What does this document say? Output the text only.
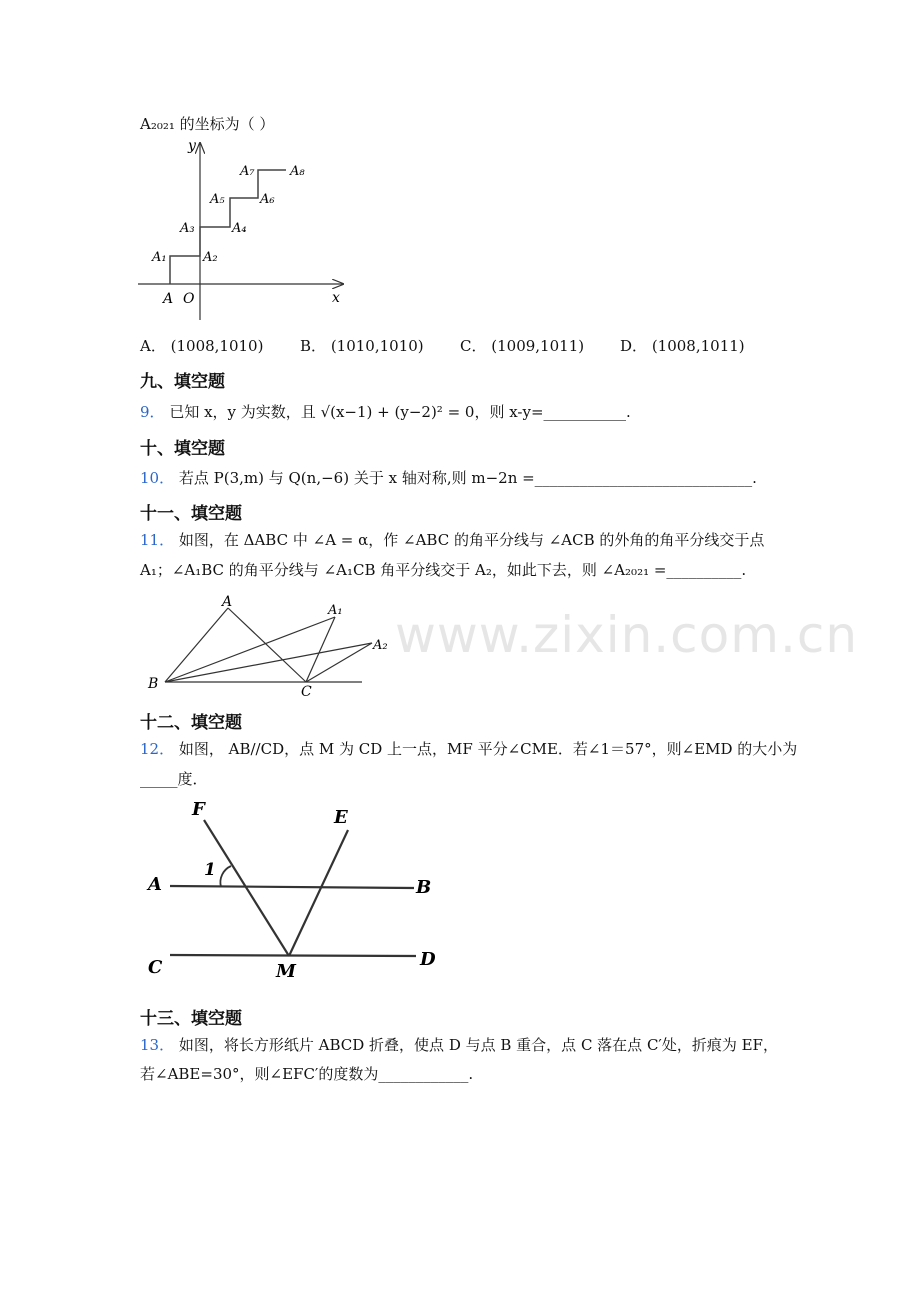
www.zixin.com.cn
A₂₀₂₁ 的坐标为（ ）
y
x
O
A
A₁	A₂
A₃	A₄
A₅	A₆
A₇	A₈
A． (1008,1010) B． (1010,1010) C． (1009,1011) D． (1008,1011)
九、填空题
9． 已知 x，y 为实数，且 √(x−1) + (y−2)² = 0，则 x-y=___________.
十、填空题
10． 若点 P(3,m) 与 Q(n,−6) 关于 x 轴对称,则 m−2n =_____________________________.
十一、填空题
11． 如图，在 ΔABC 中 ∠A = α，作 ∠ABC 的角平分线与 ∠ACB 的外角的角平分线交于点
A₁；∠A₁BC 的角平分线与 ∠A₁CB 角平分线交于 A₂，如此下去，则 ∠A₂₀₂₁ =__________.
A
A₁
A₂
B	C
十二、填空题
12． 如图， AB//CD，点 M 为 CD 上一点，MF 平分∠CME．若∠1＝57°，则∠EMD 的大小为
_____度．
F	E
A	B
C	D
M
1
十三、填空题
13． 如图，将长方形纸片 ABCD 折叠，使点 D 与点 B 重合，点 C 落在点 C′处，折痕为 EF，
若∠ABE=30°，则∠EFC′的度数为____________.
